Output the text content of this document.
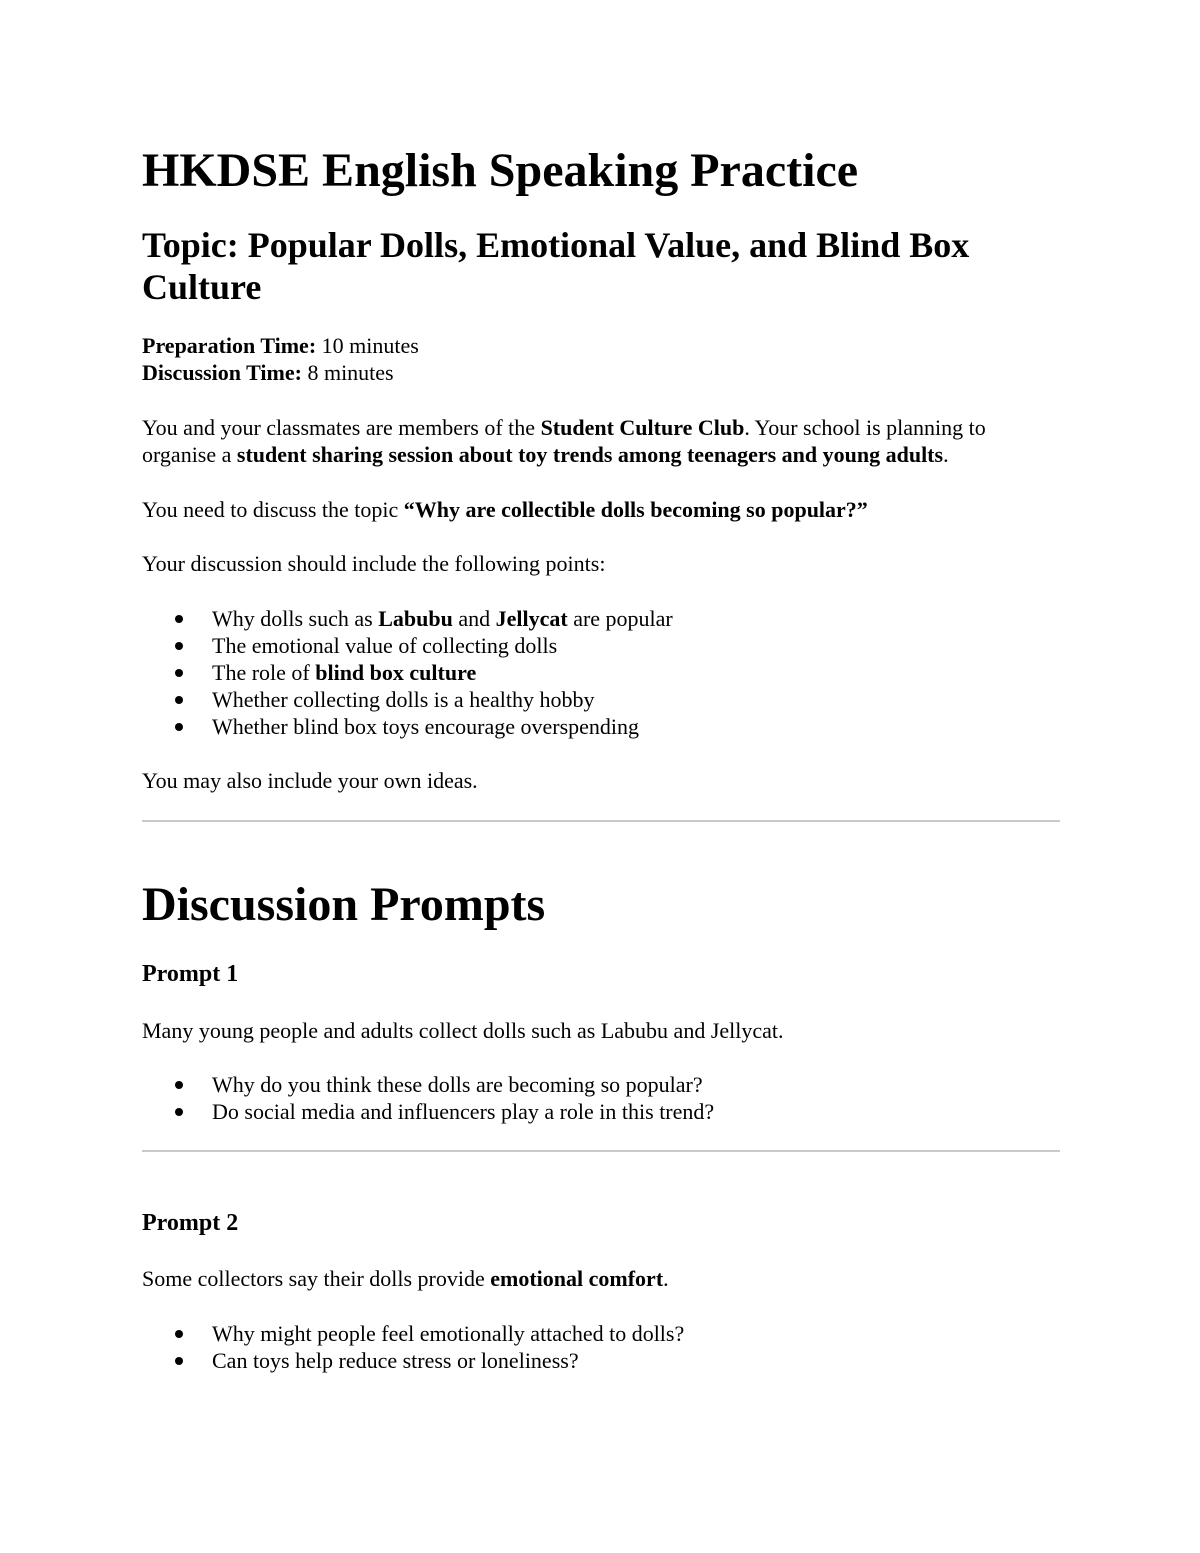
HKDSE English Speaking Practice
Topic: Popular Dolls, Emotional Value, and Blind Box Culture
Preparation Time: 10 minutes
Discussion Time: 8 minutes

You and your classmates are members of the Student Culture Club. Your school is planning to organise a student sharing session about toy trends among teenagers and young adults.

You need to discuss the topic “Why are collectible dolls becoming so popular?”

Your discussion should include the following points:

Why dolls such as Labubu and Jellycat are popular
The emotional value of collecting dolls
The role of blind box culture
Whether collecting dolls is a healthy hobby
Whether blind box toys encourage overspending

You may also include your own ideas.

Discussion Prompts
Prompt 1

Many young people and adults collect dolls such as Labubu and Jellycat.

Why do you think these dolls are becoming so popular?
Do social media and influencers play a role in this trend?
Prompt 2

Some collectors say their dolls provide emotional comfort.

Why might people feel emotionally attached to dolls?
Can toys help reduce stress or loneliness?
